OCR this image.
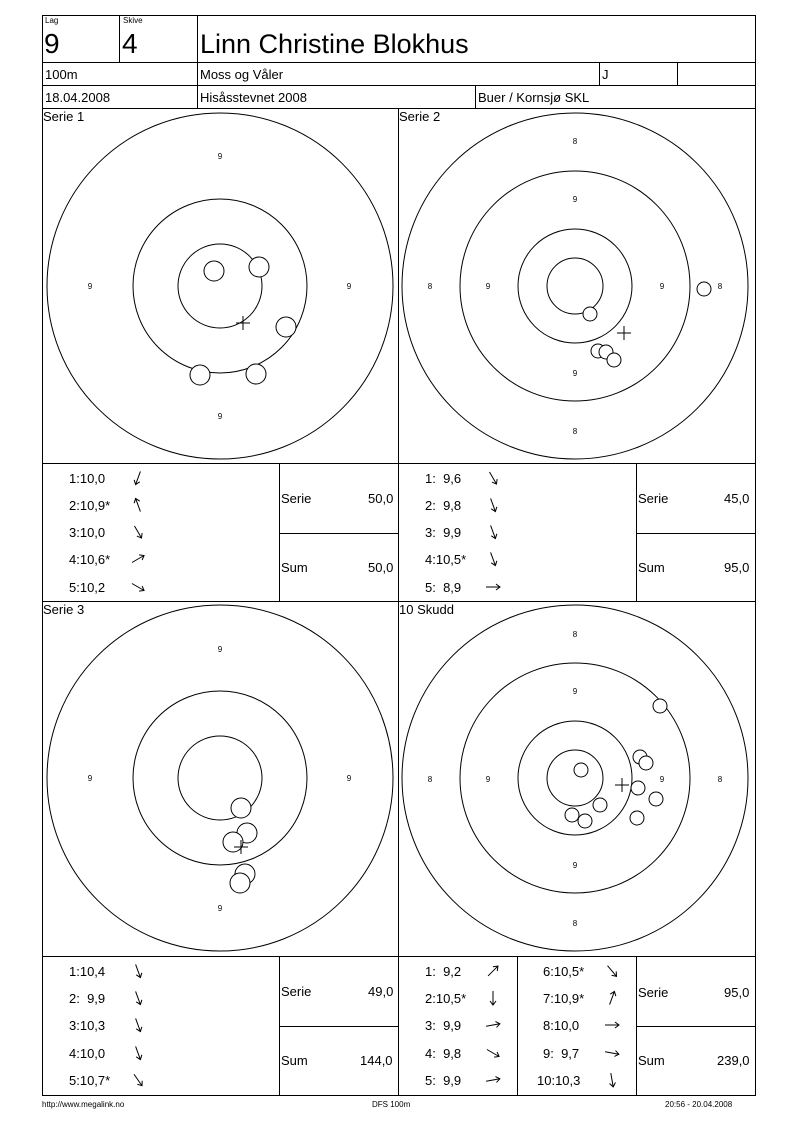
Lag
9
Skive
4 Linn Christine Blokhus
100m	Moss og Våler	J
18.04.2008	Hisåsstevnet 2008	Buer / Kornsjø SKL
Serie 1
9
9	9
9
Serie 2
8
9
8	9	9	8
9
8
Serie 3
9
9	9
9
10 Skudd
8
9
8	9	9	8
9
8
1:10,0
2:10,9*
3:10,0
4:10,6*
5:10,2
Serie	50,0
Sum	50,0
1:  9,6
2:  9,8
3:  9,9
4:10,5*
5:  8,9
Serie	45,0
Sum	95,0
1:10,4
2:  9,9
3:10,3
4:10,0
5:10,7*
Serie	49,0
Sum	144,0
1:  9,2
2:10,5*
3:  9,9
4:  9,8
5:  9,9
6:10,5*
7:10,9*
8:10,0
9:  9,7
10:10,3
Serie	95,0
Sum	239,0
http://www.megalink.no	DFS 100m	20:56 - 20.04.2008
